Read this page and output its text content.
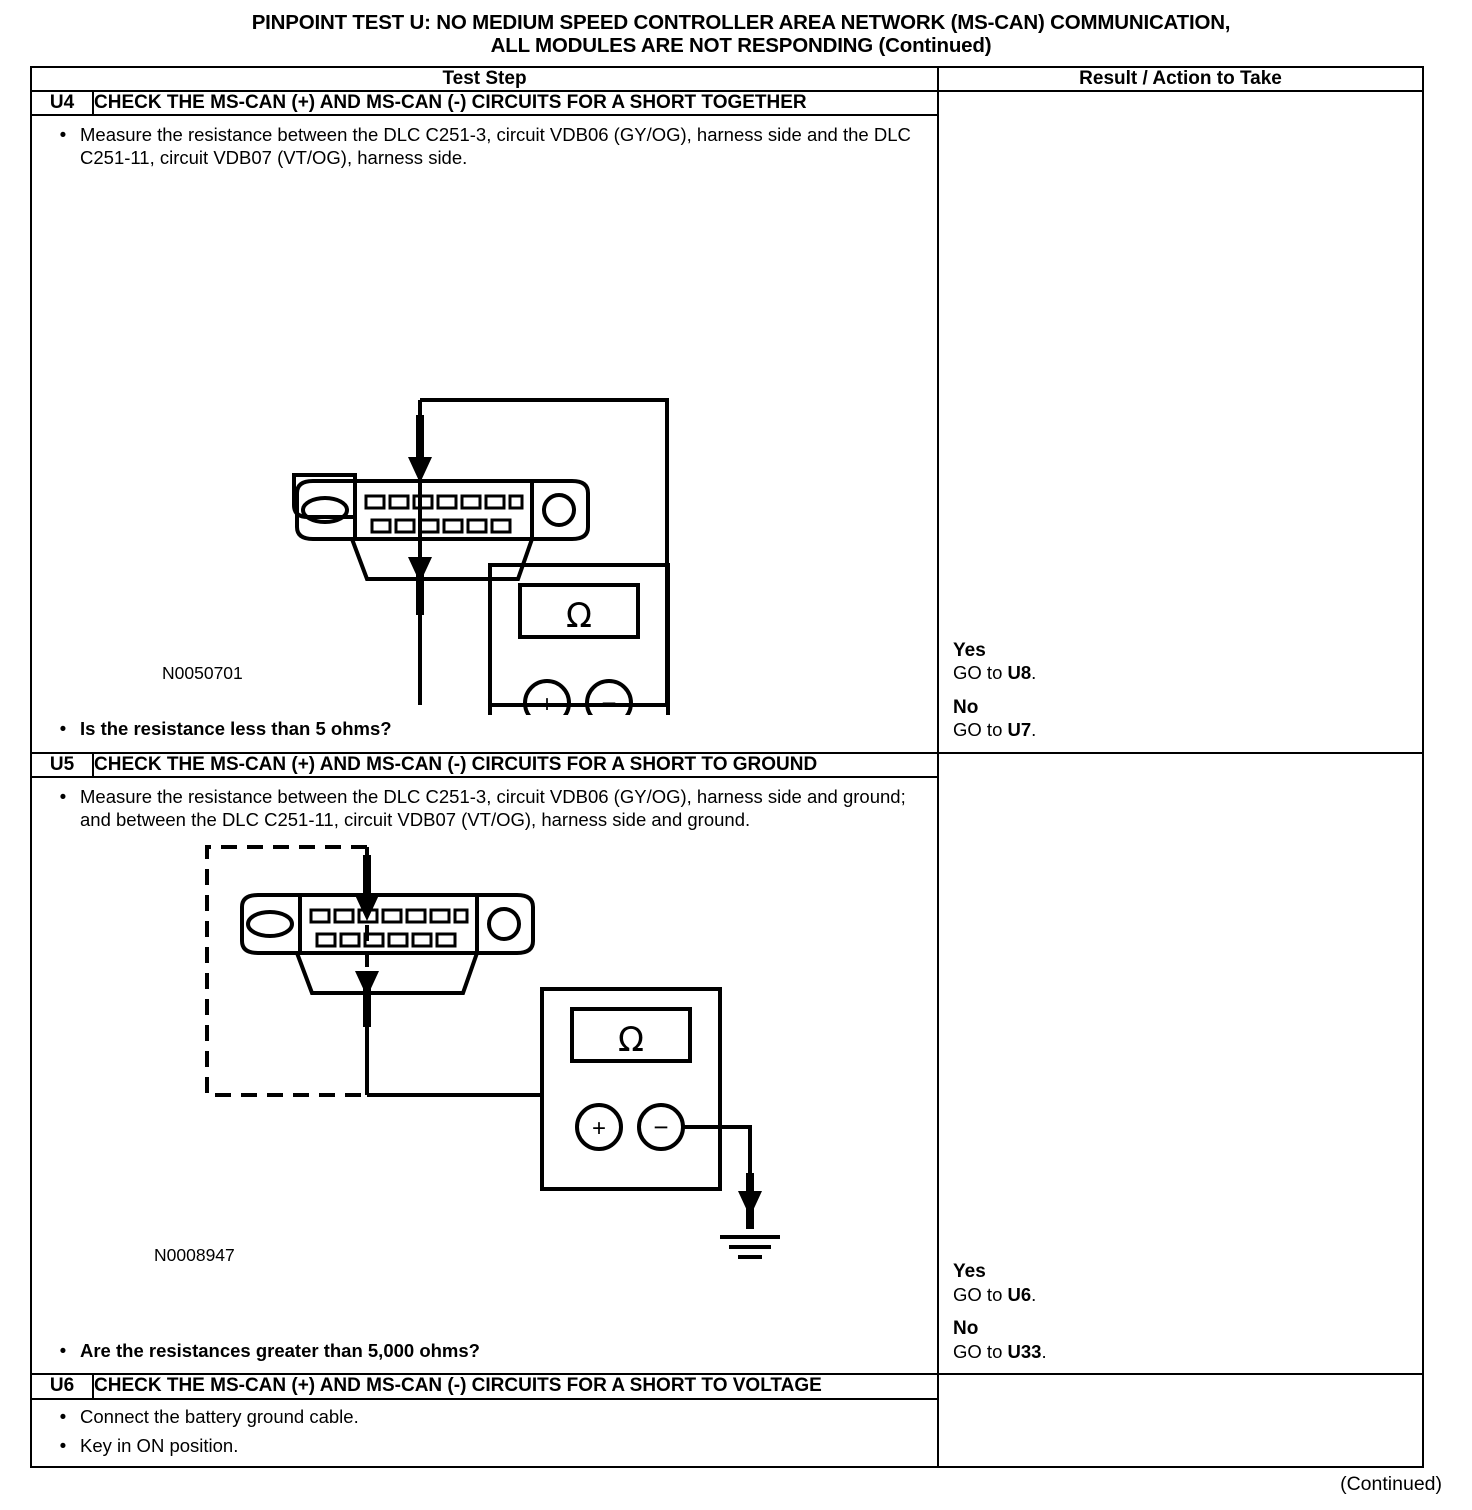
PINPOINT TEST U: NO MEDIUM SPEED CONTROLLER AREA NETWORK (MS-CAN) COMMUNICATION,
ALL MODULES ARE NOT RESPONDING (Continued)
Test Step		Result / Action to Take
U4	CHECK THE MS-CAN (+) AND MS-CAN (-) CIRCUITS FOR A SHORT TOGETHER	Yes
GO to U8.
No
GO to U7.

• Measure the resistance between the DLC C251-3, circuit VDB06 (GY/OG), harness side and the DLC C251-11, circuit VDB07 (VT/OG), harness side.
Ω
+ −
N0050701
• Is the resistance less than 5 ohms?

U5	CHECK THE MS-CAN (+) AND MS-CAN (-) CIRCUITS FOR A SHORT TO GROUND	Yes
GO to U6.
No
GO to U33.

• Measure the resistance between the DLC C251-3, circuit VDB06 (GY/OG), harness side and ground; and between the DLC C251-11, circuit VDB07 (VT/OG), harness side and ground.
Ω
+ −
N0008947
• Are the resistances greater than 5,000 ohms?

U6	CHECK THE MS-CAN (+) AND MS-CAN (-) CIRCUITS FOR A SHORT TO VOLTAGE	

• Connect the battery ground cable.
• Key in ON position.		
(Continued)
